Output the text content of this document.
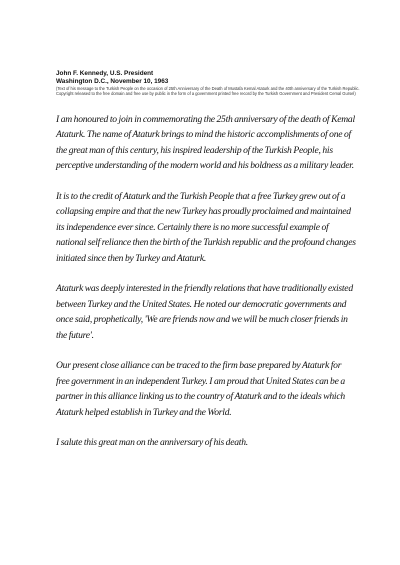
John F. Kennedy, U.S. President

Washington D.C., November 10, 1963

(Text of his message to the Turkish People on the occasion of 25th Anniversary of the Death of Mustafa Kemal Ataturk and the 40th anniversary of the Turkish Republic. Copyright released to the free domain and free use by public in the form of a government printed free record by the Turkish Government and President Cemal Gursel)

I am honoured to join in commemorating the 25th anniversary of the death of Kemal Ataturk. The name of Ataturk brings to mind the historic accomplishments of one of the great man of this century, his inspired leadership of the Turkish People, his perceptive understanding of the modern world and his boldness as a military leader.

It is to the credit of Ataturk and the Turkish People that a free Turkey grew out of a collapsing empire and that the new Turkey has proudly proclaimed and maintained its independence ever since. Certainly there is no more successful example of national self reliance then the birth of the Turkish republic and the profound changes initiated since then by Turkey and Ataturk.

Ataturk was deeply interested in the friendly relations that have traditionally existed between Turkey and the United States. He noted our democratic governments and once said, prophetically, 'We are friends now and we will be much closer friends in the future'.

Our present close alliance can be traced to the firm base prepared by Ataturk for free government in an independent Turkey. I am proud that United States can be a partner in this alliance linking us to the country of Ataturk and to the ideals which Ataturk helped establish in Turkey and the World.

I salute this great man on the anniversary of his death.
